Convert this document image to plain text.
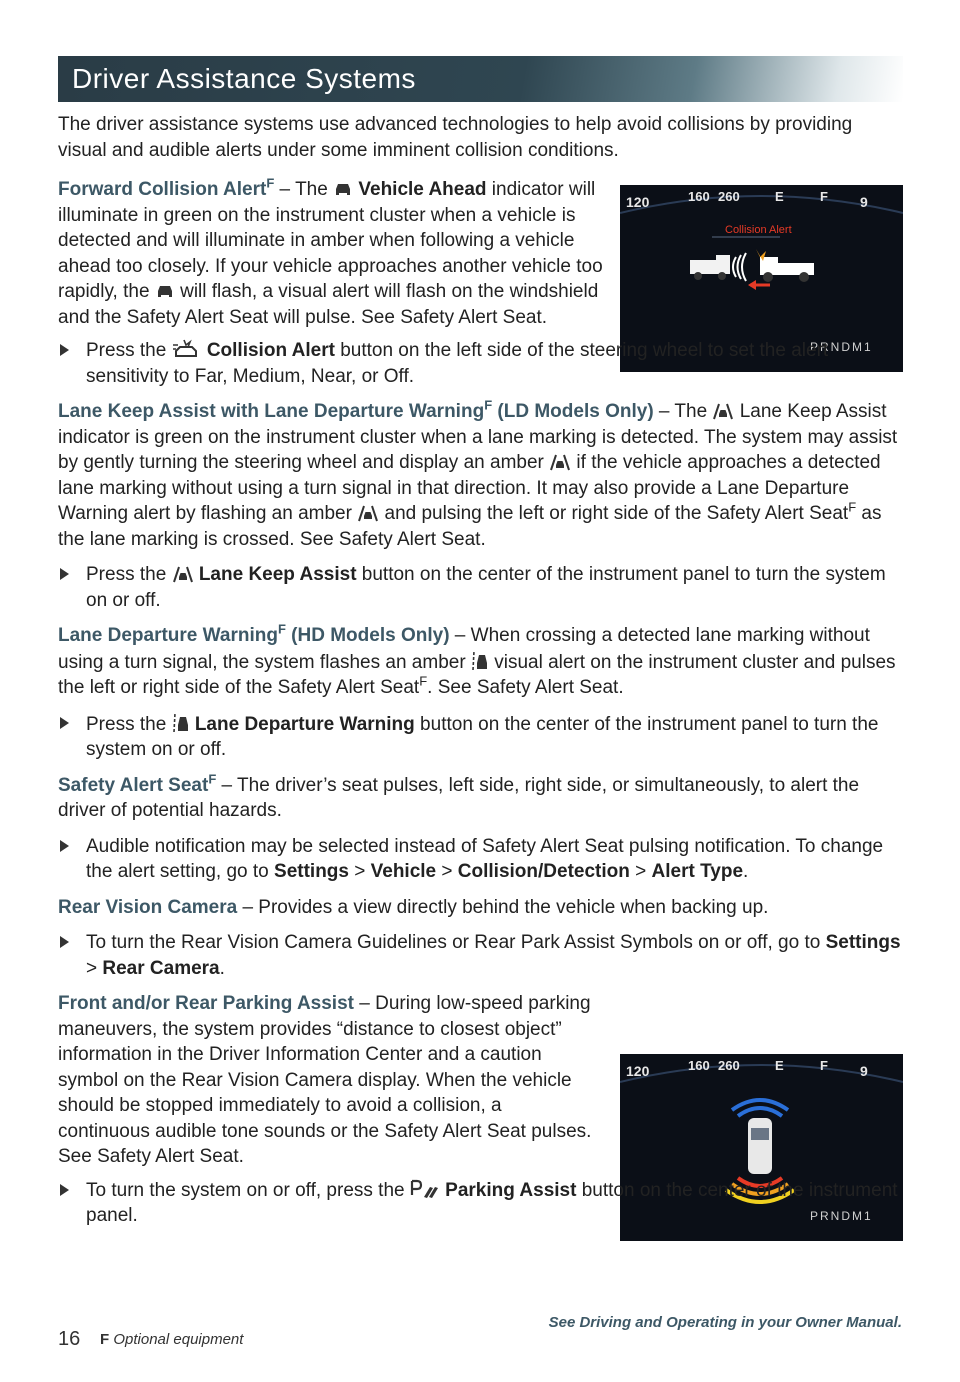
Driver Assistance Systems
120	160 260	E	F 9
Collision Alert
PRNDM1
120	160 260	E	F 9
PRNDM1

The driver assistance systems use advanced technologies to help avoid collisions by providing visual and audible alerts under some imminent collision conditions.

Forward Collision Alert$^F$ – The  Vehicle Ahead indicator will illuminate in green on the instrument cluster when a vehicle is detected and will illuminate in amber when following a vehicle ahead too closely. If your vehicle approaches another vehicle too rapidly, the  will flash, a visual alert will flash on the windshield and the Safety Alert Seat will pulse. See Safety Alert Seat.

Press the  Collision Alert button on the left side of the steering wheel to set the alert sensitivity to Far, Medium, Near, or Off.

Lane Keep Assist with Lane Departure Warning$^F$ (LD Models Only) – The  Lane Keep Assist indicator is green on the instrument cluster when a lane marking is detected. The system may assist by gently turning the steering wheel and display an amber  if the vehicle approaches a detected lane marking without using a turn signal in that direction. It may also provide a Lane Departure Warning alert by flashing an amber  and pulsing the left or right side of the Safety Alert Seat$^F$ as the lane marking is crossed. See Safety Alert Seat.

Press the  Lane Keep Assist button on the center of the instrument panel to turn the system on or off.

Lane Departure Warning$^F$ (HD Models Only) – When crossing a detected lane marking without using a turn signal, the system flashes an amber  visual alert on the instrument cluster and pulses the left or right side of the Safety Alert Seat$^F$. See Safety Alert Seat.

Press the  Lane Departure Warning button on the center of the instrument panel to turn the system on or off.

Safety Alert Seat$^F$ – The driver’s seat pulses, left side, right side, or simultaneously, to alert the driver of potential hazards.

Audible notification may be selected instead of Safety Alert Seat pulsing notification. To change the alert setting, go to Settings > Vehicle > Collision/Detection > Alert Type.

Rear Vision Camera – Provides a view directly behind the vehicle when backing up.

To turn the Rear Vision Camera Guidelines or Rear Park Assist Symbols on or off, go to Settings > Rear Camera.

Front and/or Rear Parking Assist – During low-speed parking maneuvers, the system provides “distance to closest object” information in the Driver Information Center and a caution symbol on the Rear Vision Camera display. When the vehicle should be stopped immediately to avoid a collision, a continuous audible tone sounds or the Safety Alert Seat pulses. See Safety Alert Seat.

To turn the system on or off, press the  Parking Assist button on the center of the instrument panel.
See Driving and Operating in your Owner Manual.
16 F Optional equipment
